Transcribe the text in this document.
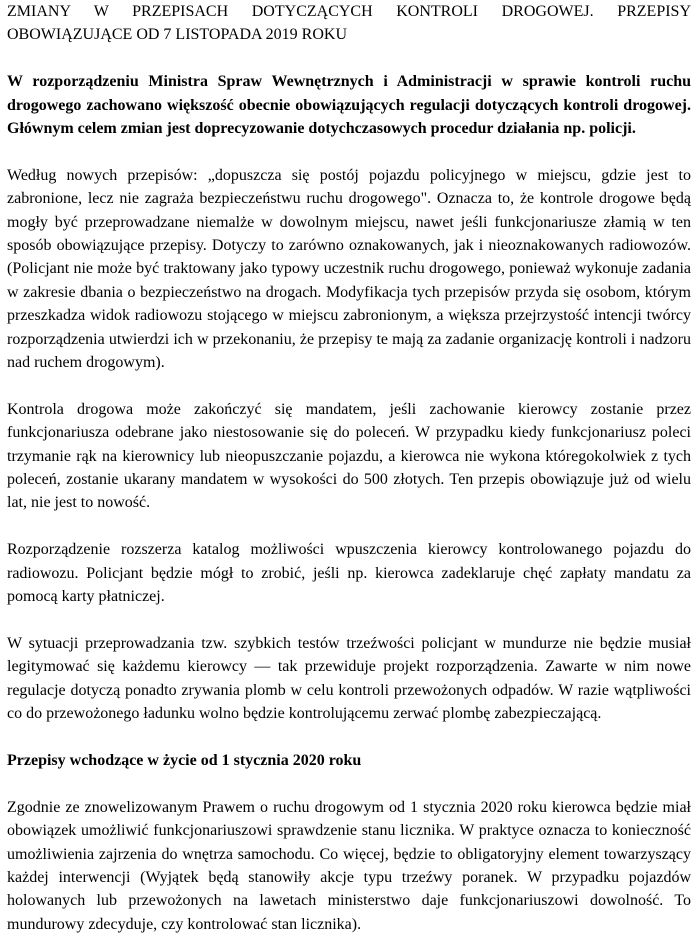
ZMIANY W PRZEPISACH DOTYCZĄCYCH KONTROLI DROGOWEJ. PRZEPISY OBOWIĄZUJĄCE OD 7 LISTOPADA 2019 ROKU

W rozporządzeniu Ministra Spraw Wewnętrznych i Administracji w sprawie kontroli ruchu drogowego zachowano większość obecnie obowiązujących regulacji dotyczących kontroli drogowej. Głównym celem zmian jest doprecyzowanie dotychczasowych procedur działania np. policji.

Według nowych przepisów: „dopuszcza się postój pojazdu policyjnego w miejscu, gdzie jest to zabronione, lecz nie zagraża bezpieczeństwu ruchu drogowego". Oznacza to, że kontrole drogowe będą mogły być przeprowadzane niemalże w dowolnym miejscu, nawet jeśli funkcjonariusze złamią w ten sposób obowiązujące przepisy. Dotyczy to zarówno oznakowanych, jak i nieoznakowanych radiowozów. (Policjant nie może być traktowany jako typowy uczestnik ruchu drogowego, ponieważ wykonuje zadania w zakresie dbania o bezpieczeństwo na drogach. Modyfikacja tych przepisów przyda się osobom, którym przeszkadza widok radiowozu stojącego w miejscu zabronionym, a większa przejrzystość intencji twórcy rozporządzenia utwierdzi ich w przekonaniu, że przepisy te mają za zadanie organizację kontroli i nadzoru nad ruchem drogowym).

Kontrola drogowa może zakończyć się mandatem, jeśli zachowanie kierowcy zostanie przez funkcjonariusza odebrane jako niestosowanie się do poleceń. W przypadku kiedy funkcjonariusz poleci trzymanie rąk na kierownicy lub nieopuszczanie pojazdu, a kierowca nie wykona któregokolwiek z tych poleceń, zostanie ukarany mandatem w wysokości do 500 złotych. Ten przepis obowiązuje już od wielu lat, nie jest to nowość.

Rozporządzenie rozszerza katalog możliwości wpuszczenia kierowcy kontrolowanego pojazdu do radiowozu. Policjant będzie mógł to zrobić, jeśli np. kierowca zadeklaruje chęć zapłaty mandatu za pomocą karty płatniczej.

W sytuacji przeprowadzania tzw. szybkich testów trzeźwości policjant w mundurze nie będzie musiał legitymować się każdemu kierowcy — tak przewiduje projekt rozporządzenia. Zawarte w nim nowe regulacje dotyczą ponadto zrywania plomb w celu kontroli przewożonych odpadów. W razie wątpliwości co do przewożonego ładunku wolno będzie kontrolującemu zerwać plombę zabezpieczającą.

Przepisy wchodzące w życie od 1 stycznia 2020 roku

Zgodnie ze znowelizowanym Prawem o ruchu drogowym od 1 stycznia 2020 roku kierowca będzie miał obowiązek umożliwić funkcjonariuszowi sprawdzenie stanu licznika. W praktyce oznacza to konieczność umożliwienia zajrzenia do wnętrza samochodu. Co więcej, będzie to obligatoryjny element towarzyszący każdej interwencji (Wyjątek będą stanowiły akcje typu trzeźwy poranek. W przypadku pojazdów holowanych lub przewożonych na lawetach ministerstwo daje funkcjonariuszowi dowolność. To mundurowy zdecyduje, czy kontrolować stan licznika).
